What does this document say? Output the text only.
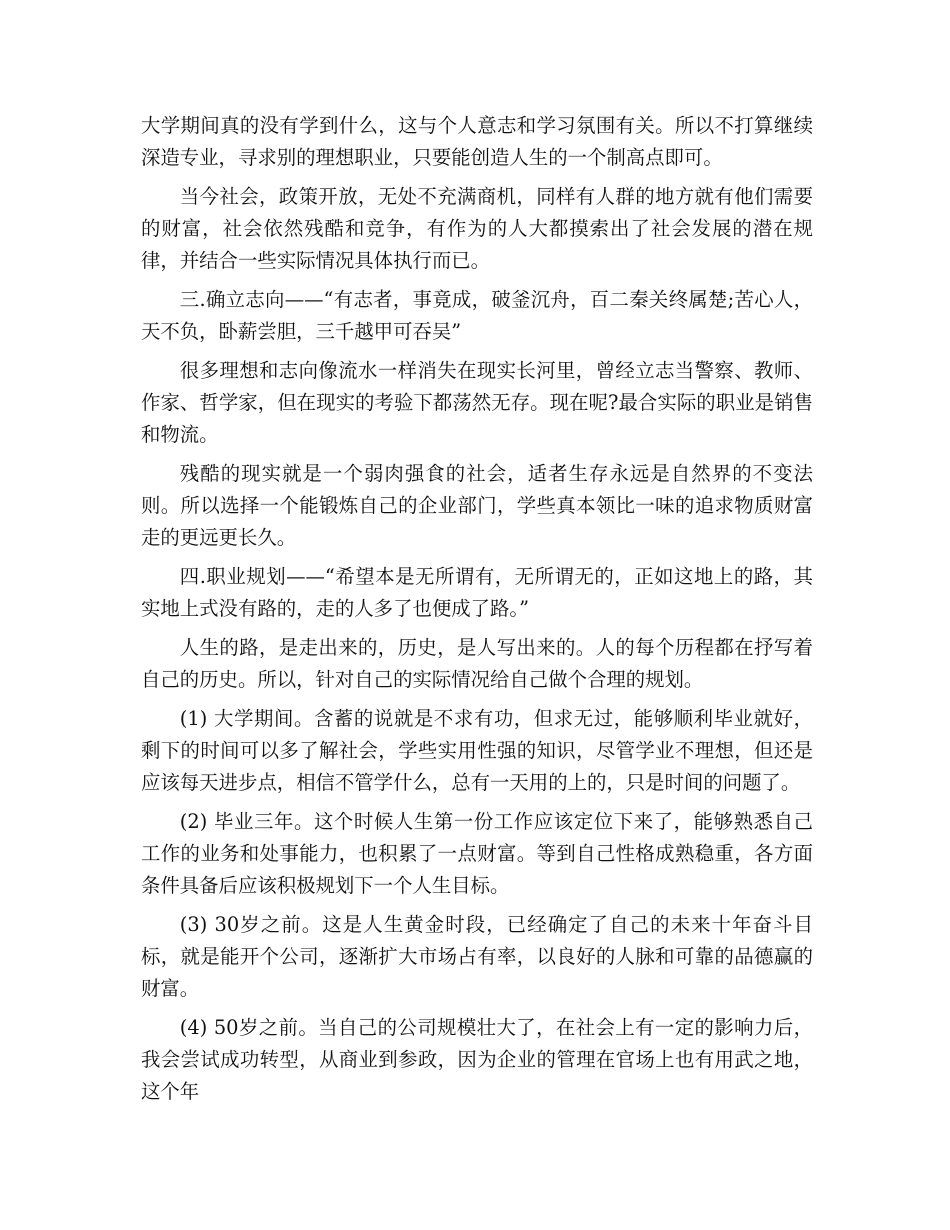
大学期间真的没有学到什么，这与个人意志和学习氛围有关。所以不打算继续深造专业，寻求别的理想职业，只要能创造人生的一个制高点即可。

当今社会，政策开放，无处不充满商机，同样有人群的地方就有他们需要的财富，社会依然残酷和竞争，有作为的人大都摸索出了社会发展的潜在规律，并结合一些实际情况具体执行而已。

三.确立志向——“有志者，事竟成，破釜沉舟，百二秦关终属楚;苦心人，天不负，卧薪尝胆，三千越甲可吞吴”

很多理想和志向像流水一样消失在现实长河里，曾经立志当警察、教师、作家、哲学家，但在现实的考验下都荡然无存。现在呢?最合实际的职业是销售和物流。

残酷的现实就是一个弱肉强食的社会，适者生存永远是自然界的不变法则。所以选择一个能锻炼自己的企业部门，学些真本领比一味的追求物质财富走的更远更长久。

四.职业规划——“希望本是无所谓有，无所谓无的，正如这地上的路，其实地上式没有路的，走的人多了也便成了路。”

人生的路，是走出来的，历史，是人写出来的。人的每个历程都在抒写着自己的历史。所以，针对自己的实际情况给自己做个合理的规划。

(1) 大学期间。含蓄的说就是不求有功，但求无过，能够顺利毕业就好，剩下的时间可以多了解社会，学些实用性强的知识，尽管学业不理想，但还是应该每天进步点，相信不管学什么，总有一天用的上的，只是时间的问题了。

(2) 毕业三年。这个时候人生第一份工作应该定位下来了，能够熟悉自己工作的业务和处事能力，也积累了一点财富。等到自己性格成熟稳重，各方面条件具备后应该积极规划下一个人生目标。

(3) 30岁之前。这是人生黄金时段，已经确定了自己的未来十年奋斗目标，就是能开个公司，逐渐扩大市场占有率，以良好的人脉和可靠的品德赢的财富。

(4) 50岁之前。当自己的公司规模壮大了，在社会上有一定的影响力后，我会尝试成功转型，从商业到参政，因为企业的管理在官场上也有用武之地，这个年
